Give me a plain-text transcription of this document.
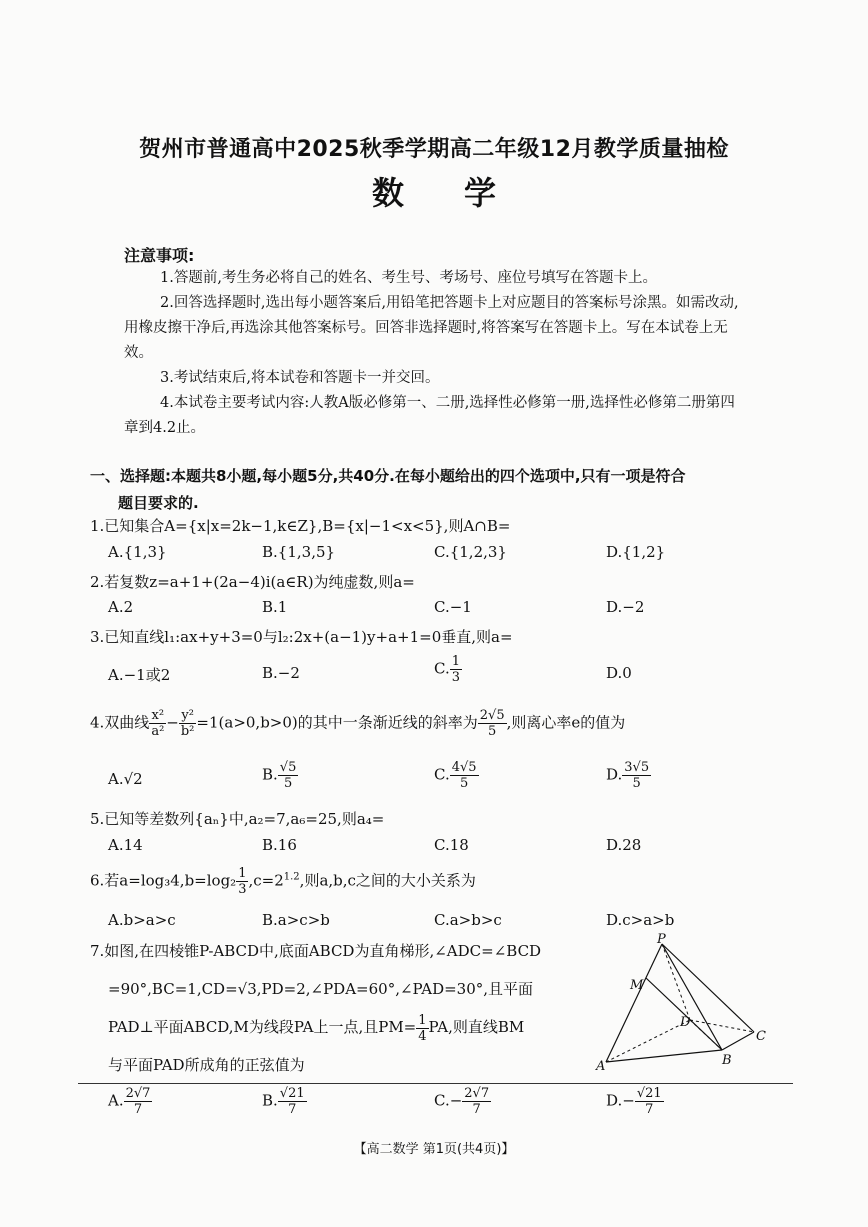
贺州市普通高中2025秋季学期高二年级12月教学质量抽检
数学
注意事项:
1.答题前,考生务必将自己的姓名、考生号、考场号、座位号填写在答题卡上。
2.回答选择题时,选出每小题答案后,用铅笔把答题卡上对应题目的答案标号涂黑。如需改动,用橡皮擦干净后,再选涂其他答案标号。回答非选择题时,将答案写在答题卡上。写在本试卷上无效。
3.考试结束后,将本试卷和答题卡一并交回。
4.本试卷主要考试内容:人教A版必修第一、二册,选择性必修第一册,选择性必修第二册第四章到4.2止。
一、选择题:本题共8小题,每小题5分,共40分.在每小题给出的四个选项中,只有一项是符合
题目要求的.
1.已知集合A={x|x=2k−1,k∈Z},B={x|−1<x<5},则A∩B=
A.{1,3}	B.{1,3,5}	C.{1,2,3}	D.{1,2}
2.若复数z=a+1+(2a−4)i(a∈R)为纯虚数,则a=
A.2	B.1	C.−1	D.−2
3.已知直线l₁:ax+y+3=0与l₂:2x+(a−1)y+a+1=0垂直,则a=
A.−1或2	B.−2	C. $\frac{1}{3}$	D.0
4.双曲线 $\frac{\text{x²}}{\text{a²}} - \frac{\text{y²}}{\text{b²}} =1(a>0,b>0)$的其中一条渐近线的斜率为 $\frac{2√5}{5}$ ,则离心率e的值为
A.√2	B. $\frac{√5}{5}$	C. $\frac{4√5}{5}$	D. $\frac{3√5}{5}$
5.已知等差数列{aₙ}中,a₂=7,a₆=25,则a₄=
A.14	B.16	C.18	D.28
6.若$a=\log_34,b=\log_2 \frac{1}{3} ,c=2^{1.2}$,则a,b,c之间的大小关系为
A.b>a>c	B.a>c>b	C.a>b>c	D.c>a>b
7.如图,在四棱锥P-ABCD中,底面ABCD为直角梯形,∠ADC=∠BCD
=90°,BC=1,CD=√3,PD=2,∠PDA=60°,∠PAD=30°,且平面
PAD⊥平面ABCD,M为线段PA上一点,且$PM= \frac{1}{4}$ PA,则直线BM
与平面PAD所成角的正弦值为
P
M
D
C
A	B
A. $\frac{2√7}{7}$	B. $\frac{√21}{7}$	$C.- \frac{2√7}{7}$	$D.- \frac{√21}{7}$
【高二数学 第1页(共4页)】
